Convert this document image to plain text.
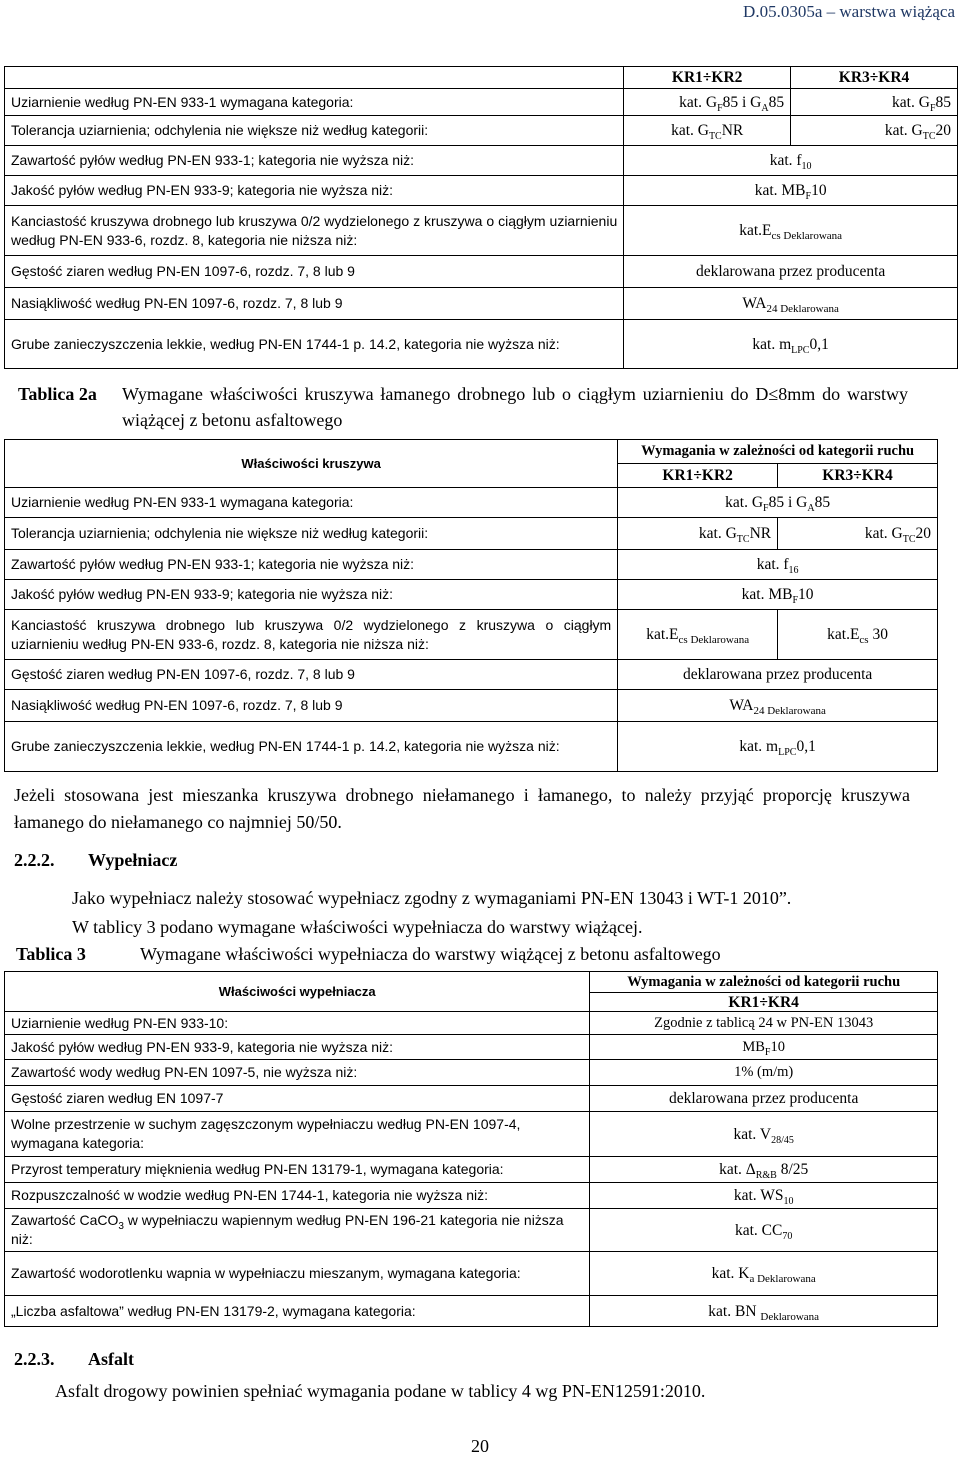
D.05.0305a – warstwa wiążąca
	KR1÷KR2	KR3÷KR4
Uziarnienie według PN-EN 933-1 wymagana kategoria:	kat. $G_F85$ i $G_A85$	kat. $G_F85$
Tolerancja uziarnienia; odchylenia nie większe niż według kategorii:	kat. $G_{TC}NR$	kat. $G_{TC}20$
Zawartość pyłów według PN-EN 933-1; kategoria nie wyższa niż:	kat. $f_{10}$
Jakość pyłów według PN-EN 933-9; kategoria nie wyższa niż:	kat. $MB_F10$	
Kanciastość kruszywa drobnego lub kruszywa 0/2 wydzielonego z kruszywa o ciągłym uziarnieniu według PN-EN 933-6, rozdz. 8, kategoria nie niższa niż:	$kat.E_{cs Deklarowana}$
Gęstość ziaren według PN-EN 1097-6, rozdz. 7, 8 lub 9	deklarowana przez producenta	
Nasiąkliwość według PN-EN 1097-6, rozdz. 7, 8 lub 9	$WA_{24 Deklarowana}$
Grube zanieczyszczenia lekkie, według PN-EN 1744-1 p. 14.2, kategoria nie wyższa niż:	kat. $m_{LPC}0,1$	
Tablica 2a Wymagane właściwości kruszywa łamanego drobnego lub o ciągłym uziarnieniu do D≤8mm do warstwy wiążącej z betonu asfaltowego
Właściwości kruszywa	Wymagania w zależności od kategorii ruchu	
	KR1÷KR2	KR3÷KR4
Uziarnienie według PN-EN 933-1 wymagana kategoria:	kat. $G_F85$ i $G_A85$	
Tolerancja uziarnienia; odchylenia nie większe niż według kategorii:	kat. $G_{TC}NR$	kat. $G_{TC}20$
Zawartość pyłów według PN-EN 933-1; kategoria nie wyższa niż:	kat. $f_{16}$
Jakość pyłów według PN-EN 933-9; kategoria nie wyższa niż:	kat. $MB_F10$	
Kanciastość kruszywa drobnego lub kruszywa 0/2 wydzielonego z kruszywa o ciągłym uziarnieniu według PN-EN 933-6, rozdz. 8, kategoria nie niższa niż:	$kat.E_{cs Deklarowana}$	$kat.E_{cs}$ 30
Gęstość ziaren według PN-EN 1097-6, rozdz. 7, 8 lub 9	deklarowana przez producenta	
Nasiąkliwość według PN-EN 1097-6, rozdz. 7, 8 lub 9	$WA_{24 Deklarowana}$
Grube zanieczyszczenia lekkie, według PN-EN 1744-1 p. 14.2, kategoria nie wyższa niż:	kat. $m_{LPC}0,1$	
Jeżeli stosowana jest mieszanka kruszywa drobnego niełamanego i łamanego, to należy przyjąć proporcję kruszywa łamanego do niełamanego co najmniej 50/50.
2.2.2. Wypełniacz
Jako wypełniacz należy stosować wypełniacz zgodny z wymaganiami PN-EN 13043 i WT-1 2010”.
W tablicy 3 podano wymagane właściwości wypełniacza do warstwy wiążącej.
Tablica 3	Wymagane właściwości wypełniacza do warstwy wiążącej z betonu asfaltowego
Właściwości wypełniacza	Wymagania w zależności od kategorii ruchu
	KR1÷KR4
Uziarnienie według PN-EN 933-10:	Zgodnie z tablicą 24 w PN-EN 13043
Jakość pyłów według PN-EN 933-9, kategoria nie wyższa niż:	$MB_F10$
Zawartość wody według PN-EN 1097-5, nie wyższa niż:	1% (m/m)
Gęstość ziaren według EN 1097-7	deklarowana przez producenta
Wolne przestrzenie w suchym zagęszczonym wypełniaczu według PN-EN 1097-4, wymagana kategoria:	kat. $V_{28/45}$
Przyrost temperatury mięknienia według PN-EN 13179-1, wymagana kategoria:	kat. $\Delta_{R\&B}$ 8/25
Rozpuszczalność w wodzie według PN-EN 1744-1, kategoria nie wyższa niż:	kat. $WS_{10}$
Zawartość CaCO$_3$ w wypełniaczu wapiennym według PN-EN 196-21 kategoria nie niższa niż:	kat. $CC_{70}$
Zawartość wodorotlenku wapnia w wypełniaczu mieszanym, wymagana kategoria:	kat. $K_{a Deklarowana}$
„Liczba asfaltowa” według PN-EN 13179-2, wymagana kategoria:	kat. BN $_{Deklarowana}$
2.2.3. Asfalt
Asfalt drogowy powinien spełniać wymagania podane w tablicy 4 wg PN-EN12591:2010.
20
